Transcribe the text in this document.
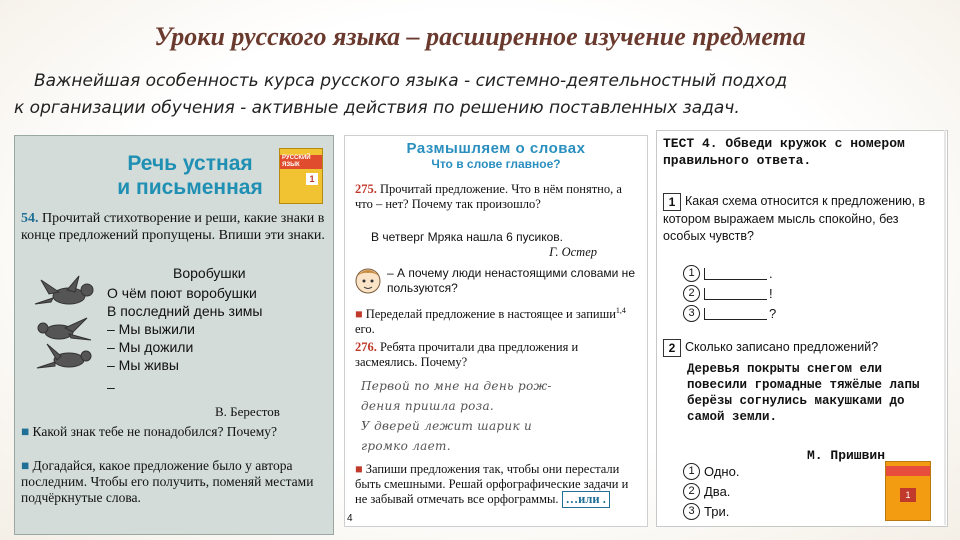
Уроки русского языка – расширенное изучение предмета
Важнейшая особенность курса русского языка - системно-деятельностный подход
к организации обучения - активные действия по решению поставленных задач.
Речь устная
и письменная
РУССКИЙ ЯЗЫК
1
54. Прочитай стихотворение и реши, какие знаки в конце предложений пропущены. Впиши эти знаки.
Воробушки
О чём поют воробушки
В последний день зимы
– Мы выжили
– Мы дожили
– Мы живы
–
В. Берестов
■ Какой знак тебе не понадобился? Почему?
■ Догадайся, какое предложение было у автора последним. Чтобы его получить, поменяй местами подчёркнутые слова.
Размышляем о словах
Что в слове главное?
275. Прочитай предложение. Что в нём понятно, а что – нет? Почему так произошло?
В четверг Мряка нашла 6 пусиков.
Г. Остер
– А почему люди ненастоящими словами не пользуются?
■ Переделай предложение в настоящее и запиши$^{1,4}$ его.
276. Ребята прочитали два предложения и засмеялись. Почему?
Первой по мне на день рож-
дения пришла роза.
У дверей лежит шарик и
громко лает.
■ Запиши предложения так, чтобы они перестали быть смешными. Решай орфографические задачи и не забывай отмечать все орфограммы. …или .
4
ТЕСТ 4. Обведи кружок с номером правильного ответа.
1 Какая схема относится к предложению, в котором выражаем мысль спокойно, без особых чувств?
1	.
2	!
3	?
2 Сколько записано предложений?
Деревья покрыты снегом ели повесили громадные тяжёлые лапы берёзы согнулись макушками до самой земли.
М. Пришвин
1 Одно.
2 Два.
3 Три.
1
